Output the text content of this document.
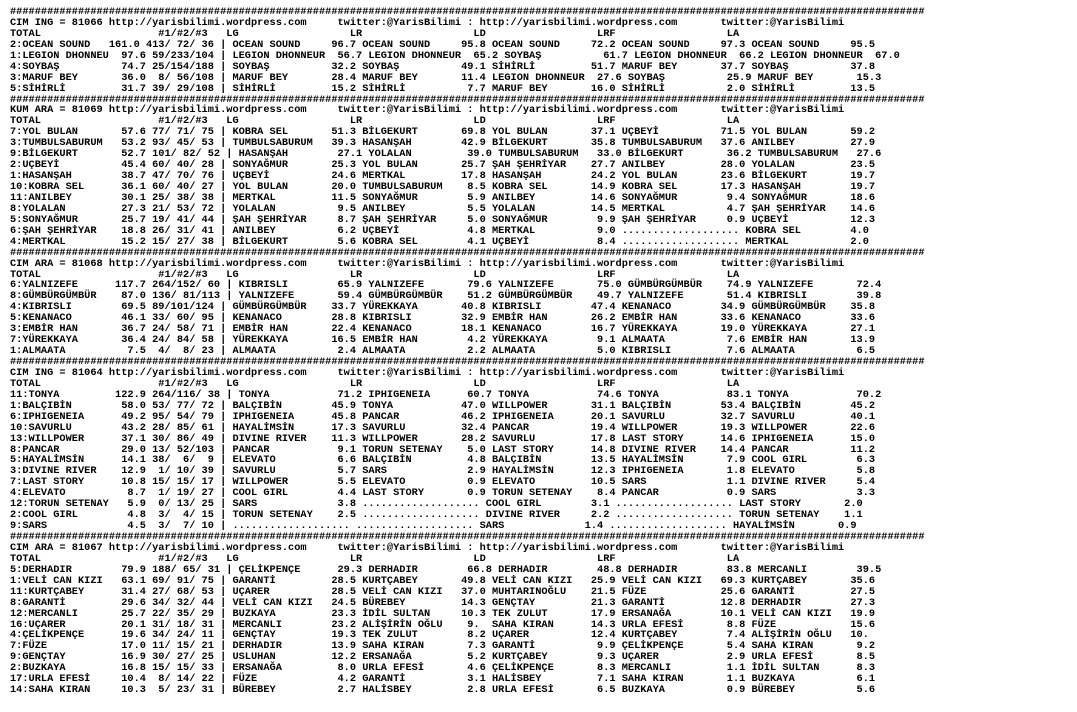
####################################################################################################################################################
CIM ING = 81066 http://yarisbilimi.wordpress.com     twitter:@YarisBilimi : http://yarisbilimi.wordpress.com       twitter:@YarisBilimi
TOTAL                   #1/#2/#3   LG                  LR                  LD                  LRF                  LA
2:OCEAN SOUND   161.0 413/ 72/ 36 | OCEAN SOUND     96.7 OCEAN SOUND     95.8 OCEAN SOUND     72.2 OCEAN SOUND     97.3 OCEAN SOUND     95.5
1:LEGION DHONNEU  97.6 59/233/104 | LEGION DHONNEUR  56.7 LEGION DHONNEUR  65.2 SOYBAŞ          61.7 LEGION DHONNEUR  66.2 LEGION DHONNEUR  67.0
4:SOYBAŞ          74.7 25/154/188 | SOYBAŞ          32.2 SOYBAŞ          49.1 SİHİRLİ         51.7 MARUF BEY       37.7 SOYBAŞ          37.8
3:MARUF BEY       36.0  8/ 56/108 | MARUF BEY       28.4 MARUF BEY       11.4 LEGION DHONNEUR  27.6 SOYBAŞ          25.9 MARUF BEY       15.3
5:SİHİRLİ         31.7 39/ 29/108 | SİHİRLİ         15.2 SİHİRLİ          7.7 MARUF BEY       16.0 SİHİRLİ          2.0 SİHİRLİ         13.5
####################################################################################################################################################
KUM ARA = 81069 http://yarisbilimi.wordpress.com     twitter:@YarisBilimi : http://yarisbilimi.wordpress.com       twitter:@YarisBilimi
TOTAL                   #1/#2/#3   LG                  LR                  LD                  LRF                  LA
7:YOL BULAN       57.6 77/ 71/ 75 | KOBRA SEL       51.3 BİLGEKURT       69.8 YOL BULAN       37.1 UÇBEYİ          71.5 YOL BULAN       59.2
3:TUMBULSABURUM   53.2 93/ 45/ 53 | TUMBULSABURUM   39.3 HASANŞAH        42.9 BİLGEKURT       35.8 TUMBULSABURUM   37.6 ANILBEY         27.9
9:BİLGEKURT       52.7 101/ 82/ 52 | HASANŞAH        27.1 YOLALAN         39.0 TUMBULSABURUM   33.0 BİLGEKURT       36.2 TUMBULSABURUM   27.6
2:UÇBEYİ          45.4 60/ 40/ 28 | SONYAĞMUR       25.3 YOL BULAN       25.7 ŞAH ŞEHRİYAR    27.7 ANILBEY         28.0 YOLALAN         23.5
1:HASANŞAH        38.7 47/ 70/ 76 | UÇBEYİ          24.6 MERTKAL         17.8 HASANŞAH        24.2 YOL BULAN       23.6 BİLGEKURT       19.7
10:KOBRA SEL      36.1 60/ 40/ 27 | YOL BULAN       20.0 TUMBULSABURUM    8.5 KOBRA SEL       14.9 KOBRA SEL       17.3 HASANŞAH        19.7
11:ANILBEY        30.1 25/ 38/ 38 | MERTKAL         11.5 SONYAĞMUR        5.9 ANILBEY         14.6 SONYAĞMUR        9.4 SONYAĞMUR       18.6
8:YOLALAN         27.3 21/ 53/ 72 | YOLALAN          9.5 ANILBEY          5.5 YOLALAN         14.5 MERTKAL          4.7 ŞAH ŞEHRİYAR    14.6
5:SONYAĞMUR       25.7 19/ 41/ 44 | ŞAH ŞEHRİYAR     8.7 ŞAH ŞEHRİYAR     5.0 SONYAĞMUR        9.9 ŞAH ŞEHRİYAR     0.9 UÇBEYİ          12.3
6:ŞAH ŞEHRİYAR    18.8 26/ 31/ 41 | ANILBEY          6.2 UÇBEYİ           4.8 MERTKAL          9.0 ................... KOBRA SEL        4.0
4:MERTKAL         15.2 15/ 27/ 38 | BİLGEKURT        5.6 KOBRA SEL        4.1 UÇBEYİ           8.4 ................... MERTKAL          2.0
####################################################################################################################################################
CIM ARA = 81068 http://yarisbilimi.wordpress.com     twitter:@YarisBilimi : http://yarisbilimi.wordpress.com       twitter:@YarisBilimi
TOTAL                   #1/#2/#3   LG                  LR                  LD                  LRF                  LA
6:YALNIZEFE      117.7 264/152/ 60 | KIBRISLI        65.9 YALNIZEFE       79.6 YALNIZEFE       75.0 GÜMBÜRGÜMBÜR    74.9 YALNIZEFE       72.4
8:GÜMBÜRGÜMBÜR    87.0 136/ 81/113 | YALNIZEFE       59.4 GÜMBÜRGÜMBÜR    51.2 GÜMBÜRGÜMBÜR    49.7 YALNIZEFE       51.4 KIBRISLI        39.8
4:KIBRISLI        69.5 89/101/124 | GÜMBÜRGÜMBÜR    33.7 YÜREKKAYA       40.8 KIBRISLI        47.4 KENANACO        34.9 GÜMBÜRGÜMBÜR    35.8
5:KENANACO        46.1 33/ 60/ 95 | KENANACO        28.8 KIBRISLI        32.9 EMBİR HAN       26.2 EMBİR HAN       33.6 KENANACO        33.6
3:EMBİR HAN       36.7 24/ 58/ 71 | EMBİR HAN       22.4 KENANACO        18.1 KENANACO        16.7 YÜREKKAYA       19.0 YÜREKKAYA       27.1
7:YÜREKKAYA       36.4 24/ 84/ 58 | YÜREKKAYA       16.5 EMBİR HAN        4.2 YÜREKKAYA        9.1 ALMAATA          7.6 EMBİR HAN       13.9
1:ALMAATA          7.5  4/  8/ 23 | ALMAATA          2.4 ALMAATA          2.2 ALMAATA          5.0 KIBRISLI         7.6 ALMAATA          6.5
####################################################################################################################################################
CIM ING = 81064 http://yarisbilimi.wordpress.com     twitter:@YarisBilimi : http://yarisbilimi.wordpress.com       twitter:@YarisBilimi
TOTAL                   #1/#2/#3   LG                  LR                  LD                  LRF                  LA
11:TONYA         122.9 264/116/ 38 | TONYA           71.2 IPHIGENEIA      60.7 TONYA           74.6 TONYA           83.1 TONYA           70.2
1:BALÇIBİN        58.0 53/ 77/ 72 | BALÇIBİN        45.9 TONYA           47.0 WILLPOWER       31.1 BALÇIBİN        53.4 BALÇIBİN        45.2
6:IPHIGENEIA      49.2 95/ 54/ 79 | IPHIGENEIA      45.8 PANCAR          46.2 IPHIGENEIA      20.1 SAVURLU         32.7 SAVURLU         40.1
10:SAVURLU        43.2 28/ 85/ 61 | HAYALİMSİN      17.3 SAVURLU         32.4 PANCAR          19.4 WILLPOWER       19.3 WILLPOWER       22.6
13:WILLPOWER      37.1 30/ 86/ 49 | DIVINE RIVER    11.3 WILLPOWER       28.2 SAVURLU         17.8 LAST STORY      14.6 IPHIGENEIA      15.0
8:PANCAR          29.0 13/ 52/103 | PANCAR           9.1 TORUN SETENAY    5.0 LAST STORY      14.8 DIVINE RIVER    14.4 PANCAR          11.2
5:HAYALİMSİN      14.1 38/  6/  9 | ELEVATO          6.6 BALÇIBİN         4.8 BALÇIBİN        13.5 HAYALİMSİN       7.9 COOL GIRL        6.3
3:DIVINE RIVER    12.9  1/ 10/ 39 | SAVURLU          5.7 SARS             2.9 HAYALİMSİN      12.3 IPHIGENEIA       1.8 ELEVATO          5.8
7:LAST STORY      10.8 15/ 15/ 17 | WILLPOWER        5.5 ELEVATO          0.9 ELEVATO         10.5 SARS             1.1 DIVINE RIVER     5.4
4:ELEVATO          8.7  1/ 19/ 27 | COOL GIRL        4.4 LAST STORY       0.9 TORUN SETENAY    8.4 PANCAR           0.9 SARS             3.3
12:TORUN SETENAY   5.9  0/ 13/ 25 | SARS             3.8 ................... COOL GIRL        3.1 ................... LAST STORY       2.0
2:COOL GIRL        4.8  3/  4/ 15 | TORUN SETENAY    2.5 ................... DIVINE RIVER     2.2 ................... TORUN SETENAY    1.1
9:SARS             4.5  3/  7/ 10 | ................... ................... SARS             1.4 ................... HAYALİMSİN       0.9
####################################################################################################################################################
CIM ARA = 81067 http://yarisbilimi.wordpress.com     twitter:@YarisBilimi : http://yarisbilimi.wordpress.com       twitter:@YarisBilimi
TOTAL                   #1/#2/#3   LG                  LR                  LD                  LRF                  LA
5:DERHADIR        79.9 188/ 65/ 31 | ÇELİKPENÇE      29.3 DERHADIR        66.8 DERHADIR        48.8 DERHADIR        83.8 MERCANLI        39.5
1:VELİ CAN KIZI   63.1 69/ 91/ 75 | GARANTİ         28.5 KURTÇABEY       49.8 VELİ CAN KIZI   25.9 VELİ CAN KIZI   69.3 KURTÇABEY       35.6
11:KURTÇABEY      31.4 27/ 68/ 53 | UÇARER          28.5 VELİ CAN KIZI   37.0 MUHTARINOĞLU    21.5 FÜZE            25.6 GARANTİ         27.5
8:GARANTİ         29.6 34/ 32/ 44 | VELİ CAN KIZI   24.5 BÜREBEY         14.3 GENÇTAY         21.3 GARANTİ         12.8 DERHADIR        27.3
12:MERCANLI       25.7 22/ 35/ 29 | BUZKAYA         23.3 İDİL SULTAN     10.3 TEK ZULUT       17.9 ERSANAĞA        10.1 VELİ CAN KIZI   19.9
16:UÇARER         20.1 31/ 18/ 31 | MERCANLI        23.2 ALİŞİRİN OĞLU    9.  SAHA KIRAN      14.3 URLA EFESİ       8.8 FÜZE            15.6
4:ÇELİKPENÇE      19.6 34/ 24/ 11 | GENÇTAY         19.3 TEK ZULUT        8.2 UÇARER          12.4 KURTÇABEY        7.4 ALİŞİRİN OĞLU   10.
7:FÜZE            17.0 11/ 15/ 21 | DERHADIR        13.9 SAHA KIRAN       7.3 GARANTİ          9.9 ÇELİKPENÇE       5.4 SAHA KIRAN       9.2
9:GENÇTAY         16.9 30/ 27/ 25 | USLUHAN         12.2 ERSANAĞA         5.2 KURTÇABEY        9.3 UÇARER           2.9 URLA EFESİ       8.5
2:BUZKAYA         16.8 15/ 15/ 33 | ERSANAĞA         8.0 URLA EFESİ       4.6 ÇELİKPENÇE       8.3 MERCANLI         1.1 İDİL SULTAN      8.3
17:URLA EFESİ     10.4  8/ 14/ 22 | FÜZE             4.2 GARANTİ          3.1 HALİSBEY         7.1 SAHA KIRAN       1.1 BUZKAYA          6.1
14:SAHA KIRAN     10.3  5/ 23/ 31 | BÜREBEY          2.7 HALİSBEY         2.8 URLA EFESİ       6.5 BUZKAYA          0.9 BÜREBEY          5.6
